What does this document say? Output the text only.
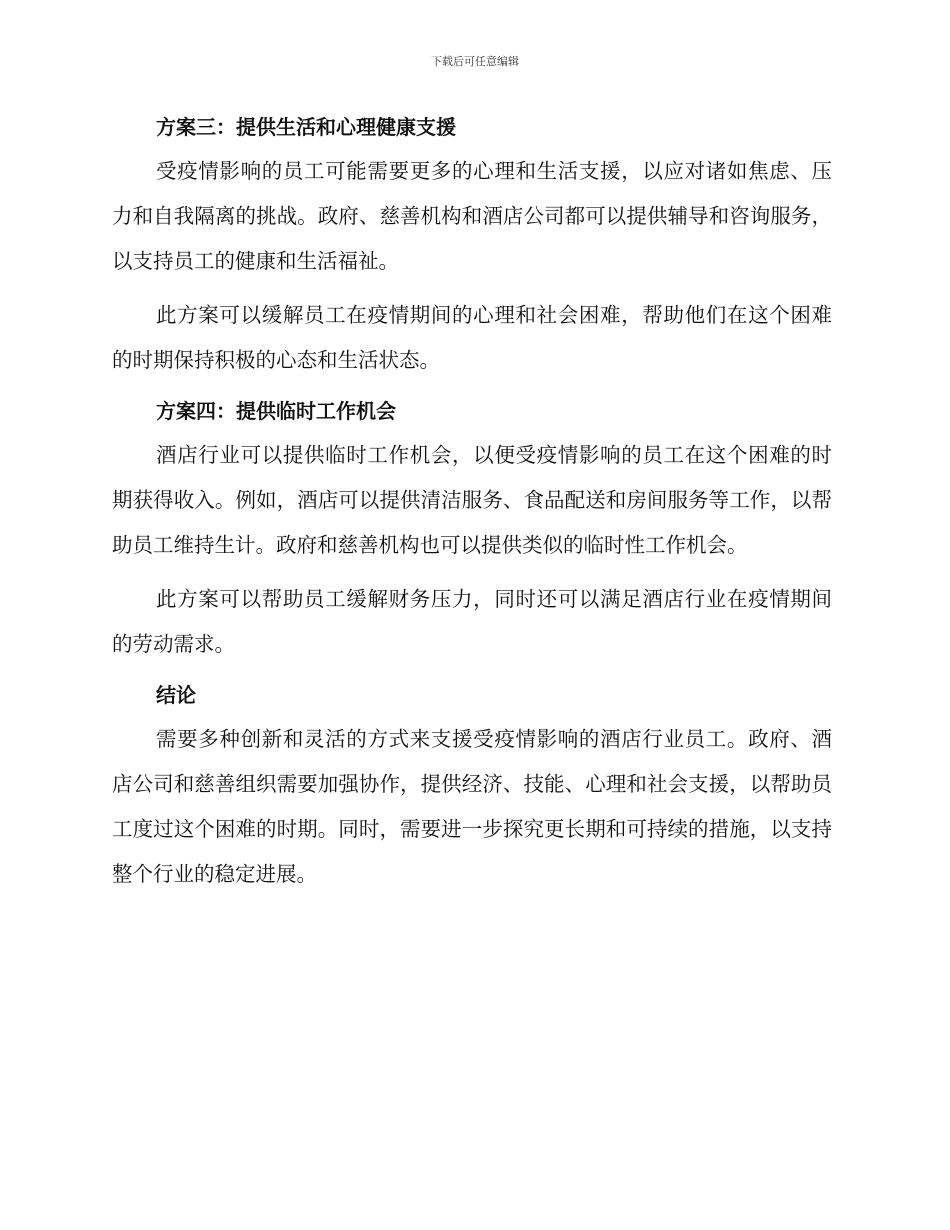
下载后可任意编辑
方案三：提供生活和心理健康支援

受疫情影响的员工可能需要更多的心理和生活支援，以应对诸如焦虑、压力和自我隔离的挑战。政府、慈善机构和酒店公司都可以提供辅导和咨询服务，以支持员工的健康和生活福祉。

此方案可以缓解员工在疫情期间的心理和社会困难，帮助他们在这个困难的时期保持积极的心态和生活状态。

方案四：提供临时工作机会

酒店行业可以提供临时工作机会，以便受疫情影响的员工在这个困难的时期获得收入。例如，酒店可以提供清洁服务、食品配送和房间服务等工作，以帮助员工维持生计。政府和慈善机构也可以提供类似的临时性工作机会。

此方案可以帮助员工缓解财务压力，同时还可以满足酒店行业在疫情期间的劳动需求。

结论

需要多种创新和灵活的方式来支援受疫情影响的酒店行业员工。政府、酒店公司和慈善组织需要加强协作，提供经济、技能、心理和社会支援，以帮助员工度过这个困难的时期。同时，需要进一步探究更长期和可持续的措施，以支持整个行业的稳定进展。
